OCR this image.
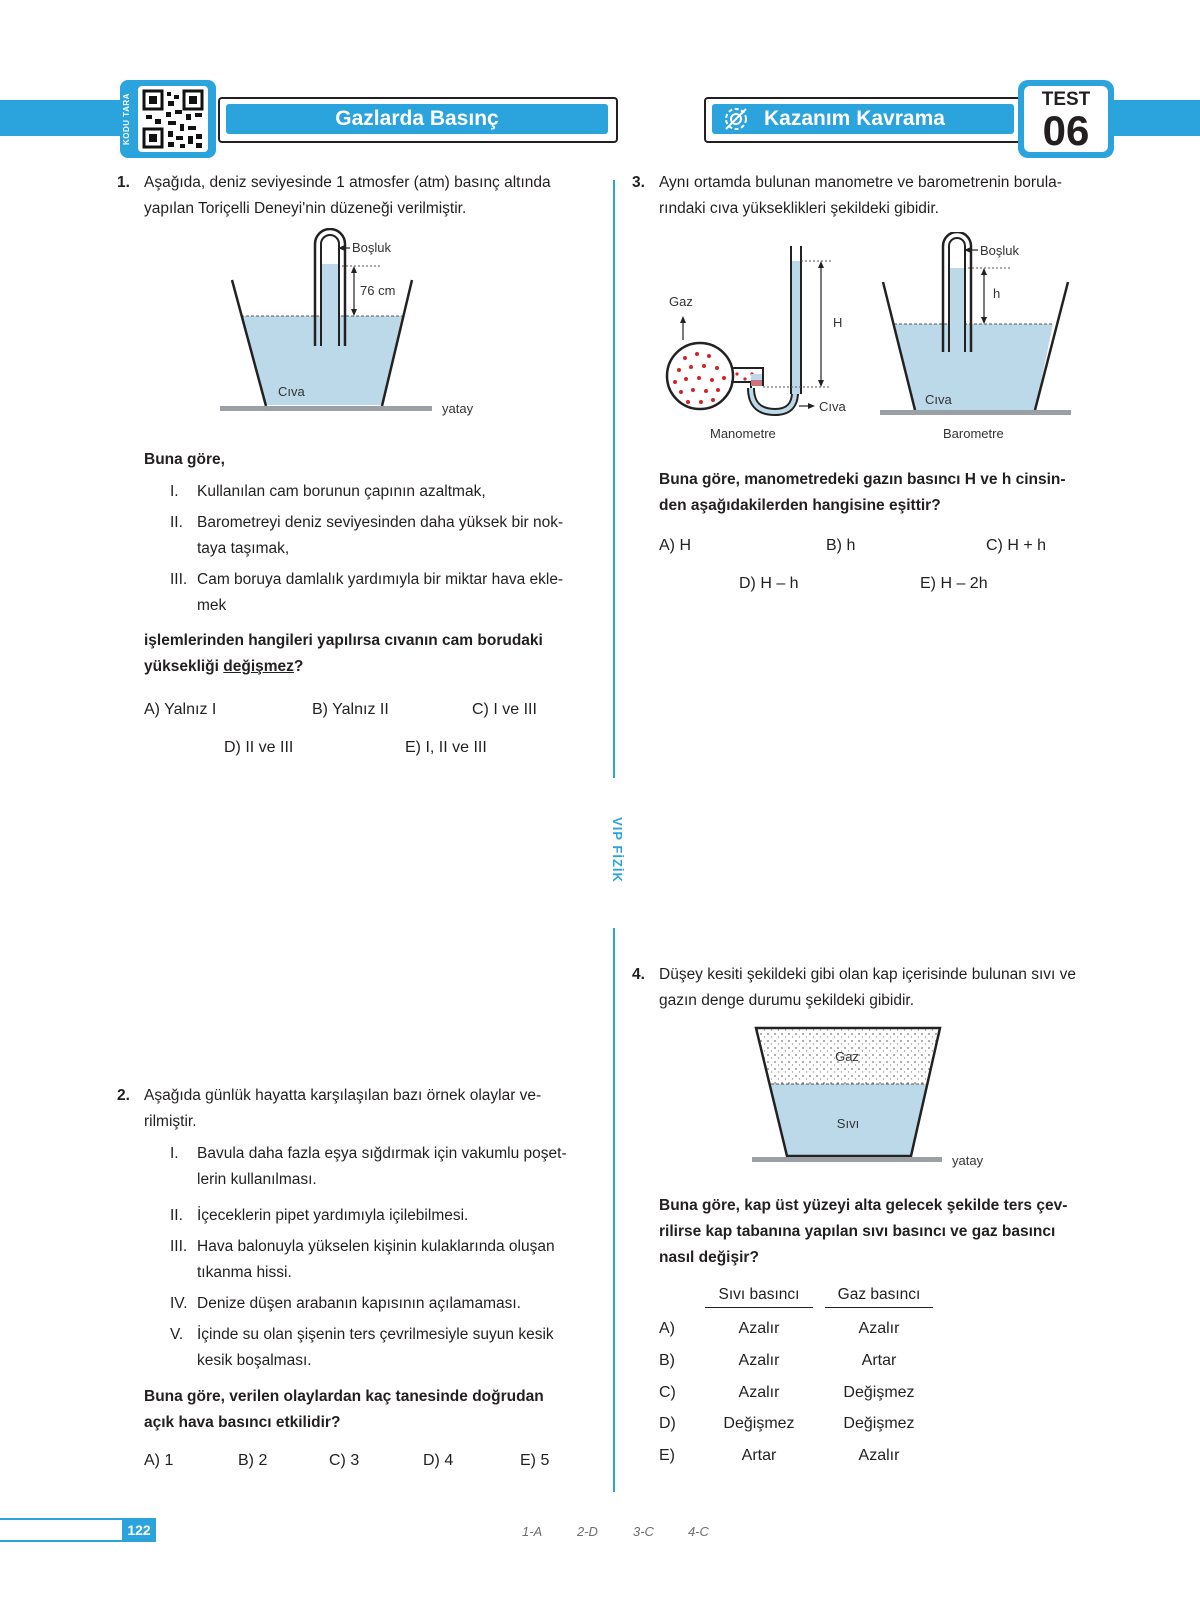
KODU TARA	Gazlarda Basınç	Kazanım Kavrama
TEST
06
1. Aşağıda, deniz seviyesinde 1 atmosfer (atm) basınç altında
yapılan Toriçelli Deneyi'nin düzeneği verilmiştir.
Boşluk
76 cm
Cıva
yatay
Buna göre,
I. Kullanılan cam borunun çapının azaltmak,
II. Barometreyi deniz seviyesinden daha yüksek bir nok-
taya taşımak,
III. Cam boruya damlalık yardımıyla bir miktar hava ekle-
mek
işlemlerinden hangileri yapılırsa cıvanın cam borudaki
yüksekliği değişmez?
A) Yalnız I	B) Yalnız II	C) I ve III
D) II ve III	E) I, II ve III
2. Aşağıda günlük hayatta karşılaşılan bazı örnek olaylar ve-
rilmiştir.
I. Bavula daha fazla eşya sığdırmak için vakumlu poşet-
lerin kullanılması.
II. İçeceklerin pipet yardımıyla içilebilmesi.
III. Hava balonuyla yükselen kişinin kulaklarında oluşan
tıkanma hissi.
IV. Denize düşen arabanın kapısının açılamaması.
V. İçinde su olan şişenin ters çevrilmesiyle suyun kesik
kesik boşalması.
Buna göre, verilen olaylardan kaç tanesinde doğrudan
açık hava basıncı etkilidir?
A) 1	B) 2	C) 3	D) 4	E) 5
VIP FİZİK
3. Aynı ortamda bulunan manometre ve barometrenin borula-
rındaki cıva yükseklikleri şekildeki gibidir.
Gaz
H
Cıva
Manometre
Boşluk
h
Cıva
Barometre
Buna göre, manometredeki gazın basıncı H ve h cinsin-
den aşağıdakilerden hangisine eşittir?
A) H	B) h	C) H + h
D) H – h	E) H – 2h
4. Düşey kesiti şekildeki gibi olan kap içerisinde bulunan sıvı ve
gazın denge durumu şekildeki gibidir.
Gaz
Sıvı
yatay
Buna göre, kap üst yüzeyi alta gelecek şekilde ters çev-
rilirse kap tabanına yapılan sıvı basıncı ve gaz basıncı
nasıl değişir?
Sıvı basıncı	Gaz basıncı
A)	Azalır	Azalır
B)	Azalır	Artar
C)	Azalır	Değişmez
D)	Değişmez	Değişmez
E)	Artar	Azalır
122	1-A	2-D	3-C	4-C
